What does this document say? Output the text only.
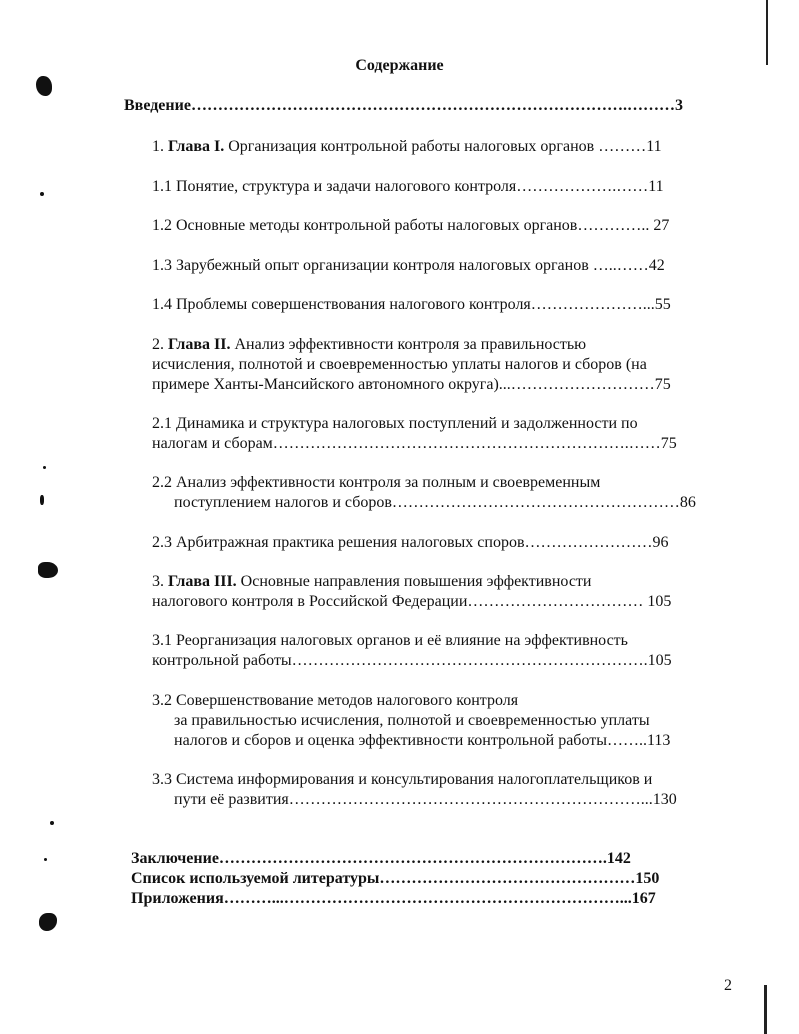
Содержание
Введение……………………………………………………………………….………3
1. Глава I. Организация контрольной работы налоговых органов ………11
1.1 Понятие, структура и задачи налогового контроля……………….……11
1.2 Основные методы контрольной работы налоговых органов………….. 27
1.3 Зарубежный опыт организации контроля налоговых органов …..……42
1.4 Проблемы совершенствования налогового контроля…………………...55
2. Глава II. Анализ эффективности контроля за правильностью
исчисления, полнотой и своевременностью уплаты налогов и сборов (на
примере Ханты-Мансийского автономного округа)...………………………75
2.1 Динамика и структура налоговых поступлений и задолженности по
налогам и сборам………………………………………………………….……75
2.2 Анализ эффективности контроля за полным и своевременным
поступлением налогов и сборов………………………………………………86
2.3 Арбитражная практика решения налоговых споров……………………96
3. Глава III. Основные направления повышения эффективности
налогового контроля в Российской Федерации…………………………… 105
3.1 Реорганизация налоговых органов и её влияние на эффективность
контрольной работы………………………………………………………….105
3.2 Совершенствование методов налогового контроля
за правильностью исчисления, полнотой и своевременностью уплаты
налогов и сборов и оценка эффективности контрольной работы……..113
3.3 Система информирования и консультирования налогоплательщиков и
пути её развития…………………………………………………………...130
Заключение……………………………………………………………….142
Список используемой литературы…………………………………………150
Приложения………...………………………………………………………...167
2
